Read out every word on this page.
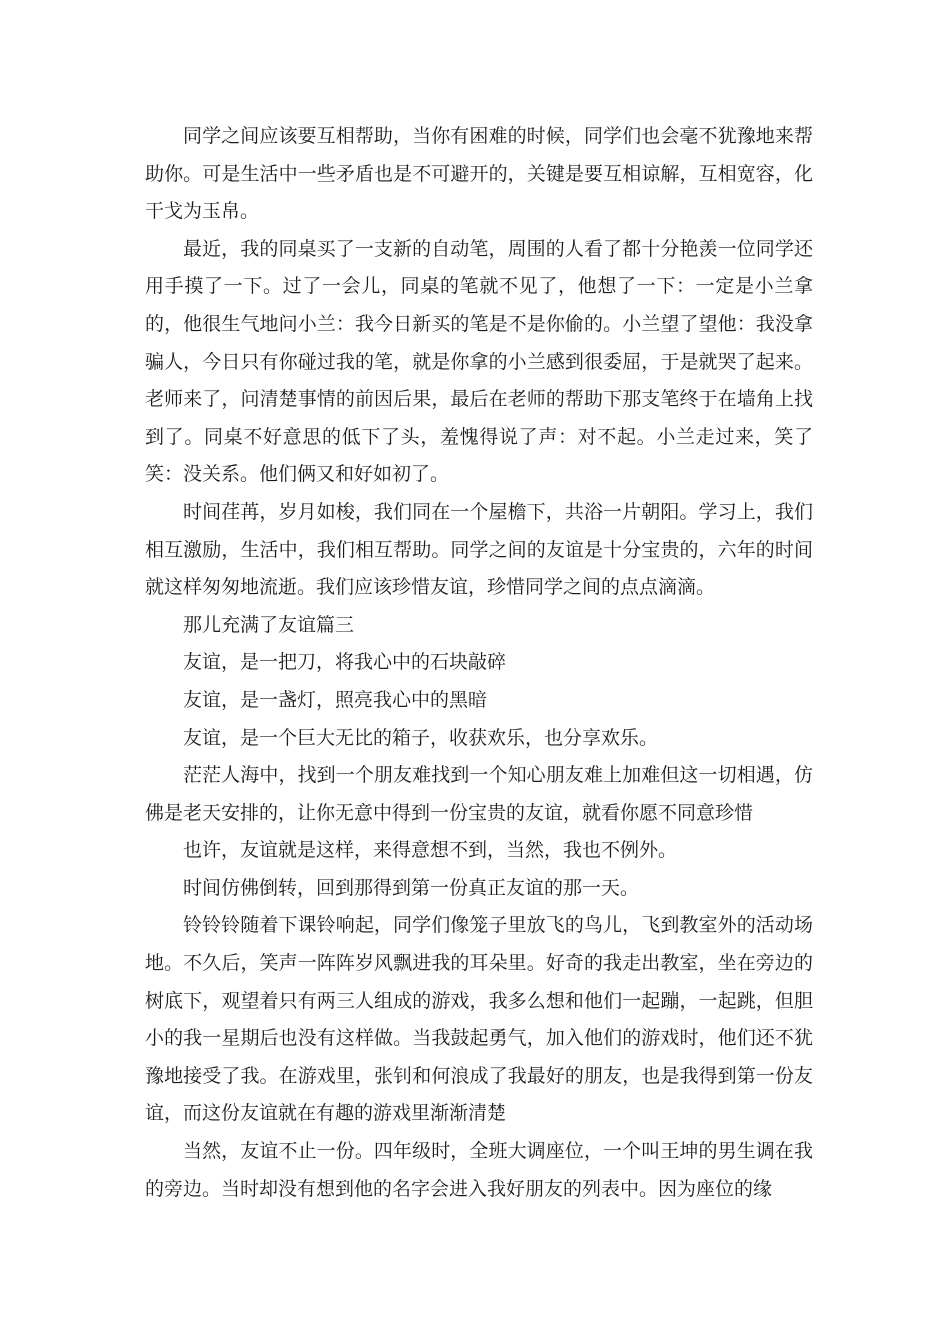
同学之间应该要互相帮助，当你有困难的时候，同学们也会毫不犹豫地来帮助你。可是生活中一些矛盾也是不可避开的，关键是要互相谅解，互相宽容，化干戈为玉帛。

最近，我的同桌买了一支新的自动笔，周围的人看了都十分艳羡一位同学还用手摸了一下。过了一会儿，同桌的笔就不见了，他想了一下：一定是小兰拿的，他很生气地问小兰：我今日新买的笔是不是你偷的。小兰望了望他：我没拿骗人，今日只有你碰过我的笔，就是你拿的小兰感到很委屈，于是就哭了起来。老师来了，问清楚事情的前因后果，最后在老师的帮助下那支笔终于在墙角上找到了。同桌不好意思的低下了头，羞愧得说了声：对不起。小兰走过来，笑了笑：没关系。他们俩又和好如初了。

时间荏苒，岁月如梭，我们同在一个屋檐下，共浴一片朝阳。学习上，我们相互激励，生活中，我们相互帮助。同学之间的友谊是十分宝贵的，六年的时间就这样匆匆地流逝。我们应该珍惜友谊，珍惜同学之间的点点滴滴。

那儿充满了友谊篇三

友谊，是一把刀，将我心中的石块敲碎

友谊，是一盏灯，照亮我心中的黑暗

友谊，是一个巨大无比的箱子，收获欢乐，也分享欢乐。

茫茫人海中，找到一个朋友难找到一个知心朋友难上加难但这一切相遇，仿佛是老天安排的，让你无意中得到一份宝贵的友谊，就看你愿不同意珍惜

也许，友谊就是这样，来得意想不到，当然，我也不例外。

时间仿佛倒转，回到那得到第一份真正友谊的那一天。

铃铃铃随着下课铃响起，同学们像笼子里放飞的鸟儿，飞到教室外的活动场地。不久后，笑声一阵阵岁风飘进我的耳朵里。好奇的我走出教室，坐在旁边的树底下，观望着只有两三人组成的游戏，我多么想和他们一起蹦，一起跳，但胆小的我一星期后也没有这样做。当我鼓起勇气，加入他们的游戏时，他们还不犹豫地接受了我。在游戏里，张钊和何浪成了我最好的朋友，也是我得到第一份友谊，而这份友谊就在有趣的游戏里渐渐清楚

当然，友谊不止一份。四年级时，全班大调座位，一个叫王坤的男生调在我的旁边。当时却没有想到他的名字会进入我好朋友的列表中。因为座位的缘
